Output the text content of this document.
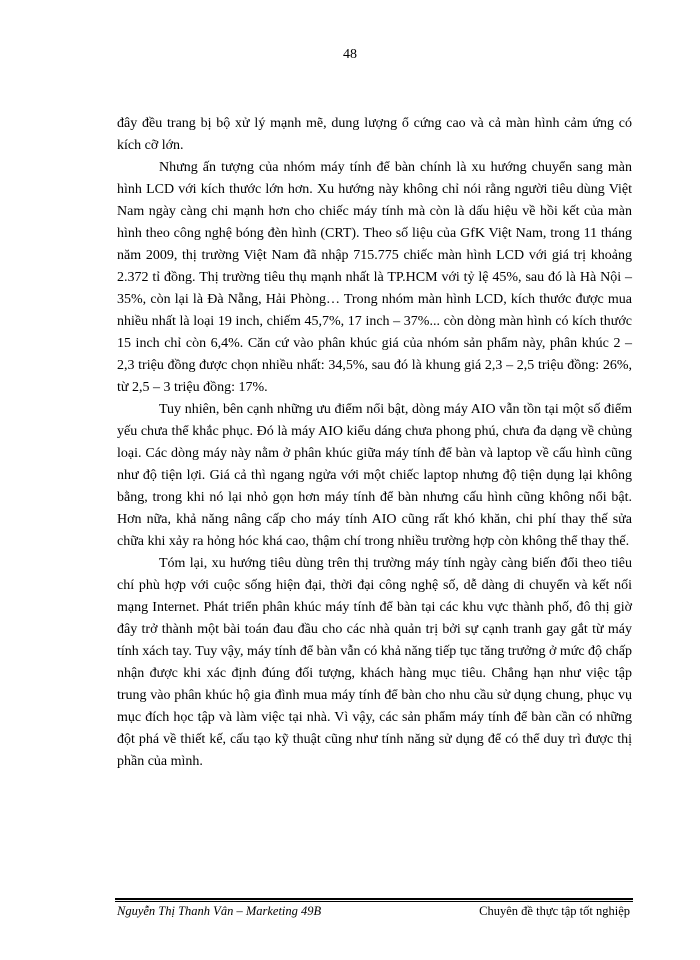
48

đây đều trang bị bộ xử lý mạnh mẽ, dung lượng ổ cứng cao và cả màn hình cảm ứng có kích cỡ lớn.

Nhưng ấn tượng của nhóm máy tính để bàn chính là xu hướng chuyển sang màn hình LCD với kích thước lớn hơn. Xu hướng này không chỉ nói rằng người tiêu dùng Việt Nam ngày càng chi mạnh hơn cho chiếc máy tính mà còn là dấu hiệu về hồi kết của màn hình theo công nghệ bóng đèn hình (CRT). Theo số liệu của GfK Việt Nam, trong 11 tháng năm 2009, thị trường Việt Nam đã nhập 715.775 chiếc màn hình LCD với giá trị khoảng 2.372 tỉ đồng. Thị trường tiêu thụ mạnh nhất là TP.HCM với tỷ lệ 45%, sau đó là Hà Nội – 35%, còn lại là Đà Nẵng, Hải Phòng… Trong nhóm màn hình LCD, kích thước được mua nhiều nhất là loại 19 inch, chiếm 45,7%, 17 inch – 37%... còn dòng màn hình có kích thước 15 inch chỉ còn 6,4%. Căn cứ vào phân khúc giá của nhóm sản phẩm này, phân khúc 2 – 2,3 triệu đồng được chọn nhiều nhất: 34,5%, sau đó là khung giá 2,3 – 2,5 triệu đồng: 26%, từ 2,5 – 3 triệu đồng: 17%.

Tuy nhiên, bên cạnh những ưu điểm nổi bật, dòng máy AIO vẫn tồn tại một số điểm yếu chưa thể khắc phục. Đó là máy AIO kiểu dáng chưa phong phú, chưa đa dạng về chủng loại. Các dòng máy này nằm ở phân khúc giữa máy tính để bàn và laptop về cấu hình cũng như độ tiện lợi. Giá cả thì ngang ngửa với một chiếc laptop nhưng độ tiện dụng lại không bằng, trong khi nó lại nhỏ gọn hơn máy tính để bàn nhưng cấu hình cũng không nổi bật. Hơn nữa, khả năng nâng cấp cho máy tính AIO cũng rất khó khăn, chi phí thay thế sửa chữa khi xảy ra hỏng hóc khá cao, thậm chí trong nhiều trường hợp còn không thể thay thế.

Tóm lại, xu hướng tiêu dùng trên thị trường máy tính ngày càng biến đổi theo tiêu chí phù hợp với cuộc sống hiện đại, thời đại công nghệ số, dễ dàng di chuyển và kết nối mạng Internet. Phát triển phân khúc máy tính để bàn tại các khu vực thành phố, đô thị giờ đây trở thành một bài toán đau đầu cho các nhà quản trị bởi sự cạnh tranh gay gắt từ máy tính xách tay. Tuy vậy, máy tính để bàn vẫn có khả năng tiếp tục tăng trưởng ở mức độ chấp nhận được khi xác định đúng đối tượng, khách hàng mục tiêu. Chẳng hạn như việc tập trung vào phân khúc hộ gia đình mua máy tính để bàn cho nhu cầu sử dụng chung, phục vụ mục đích học tập và làm việc tại nhà. Vì vậy, các sản phẩm máy tính để bàn cần có những đột phá về thiết kế, cấu tạo kỹ thuật cũng như tính năng sử dụng để có thể duy trì được thị phần của mình.

Nguyễn Thị Thanh Vân – Marketing 49B	Chuyên đề thực tập tốt nghiệp
